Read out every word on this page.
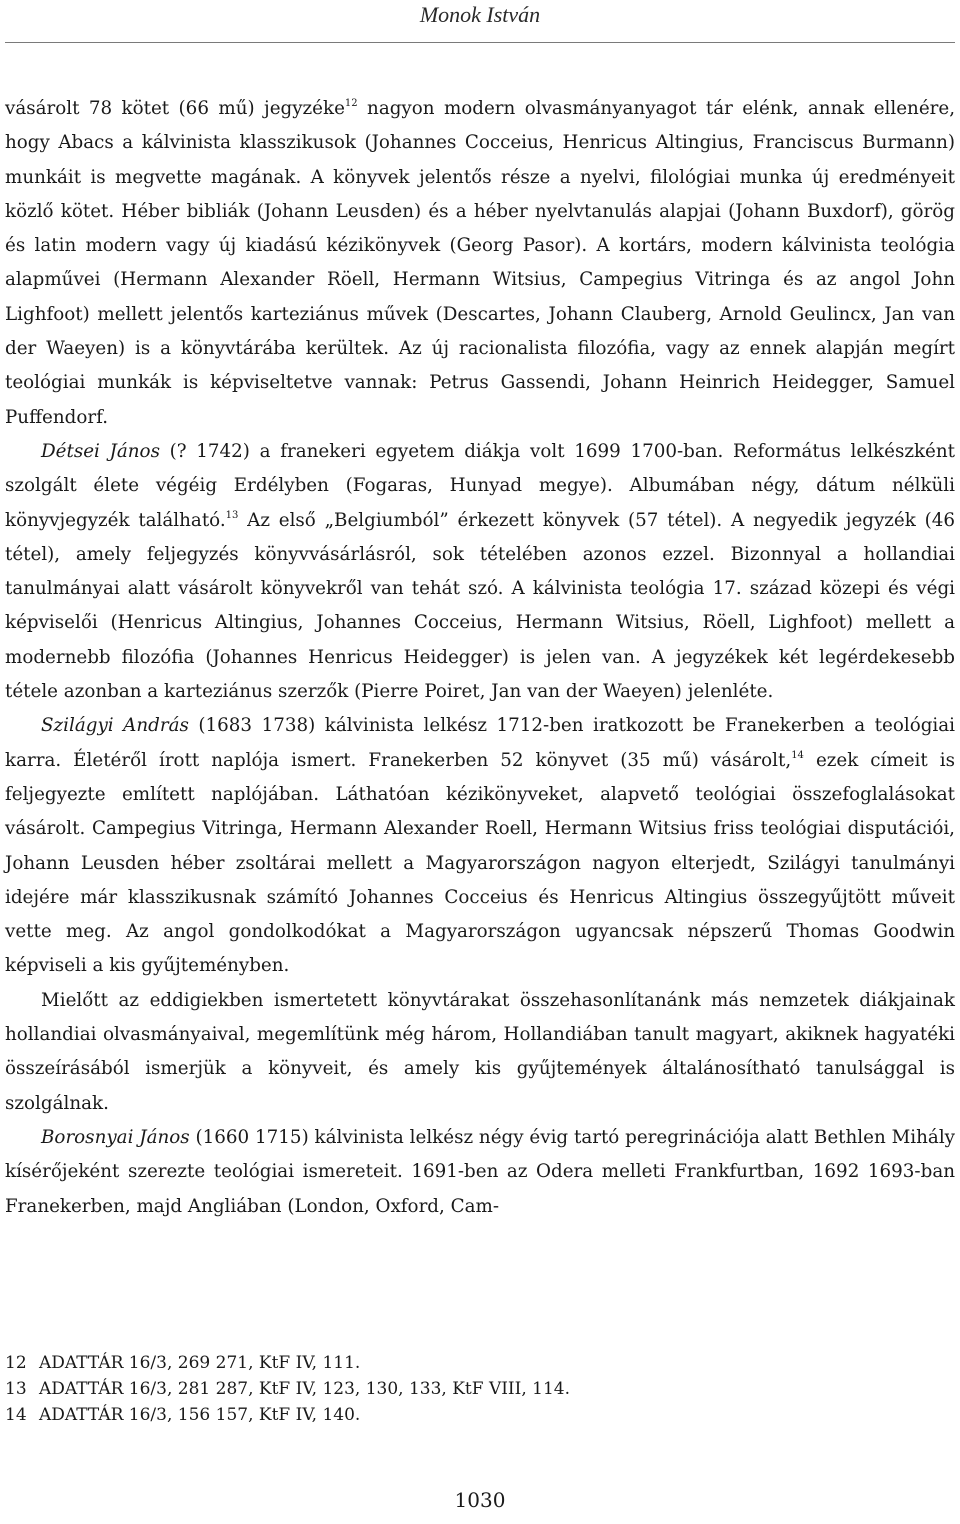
Monok István

vásárolt 78 kötet (66 mű) jegyzéke$^{12}$ nagyon modern olvasmányanyagot tár elénk, annak ellenére, hogy Abacs a kálvinista klasszikusok (Johannes Cocceius, Henricus Altingius, Franciscus Burmann) munkáit is megvette magának. A könyvek jelentős része a nyelvi, filológiai munka új eredményeit közlő kötet. Héber bibliák (Johann Leusden) és a héber nyelvtanulás alapjai (Johann Buxdorf), görög és latin modern vagy új kiadású kézikönyvek (Georg Pasor). A kortárs, modern kálvinista teológia alapművei (Hermann Alexander Röell, Hermann Witsius, Campegius Vitringa és az angol John Lighfoot) mellett jelentős karteziánus művek (Descartes, Johann Clauberg, Arnold Geulincx, Jan van der Waeyen) is a könyvtárába kerültek. Az új racionalista filozófia, vagy az ennek alapján megírt teológiai munkák is képviseltetve vannak: Petrus Gassendi, Johann Heinrich Heidegger, Samuel Puffendorf.

Détsei János (? 1742) a franekeri egyetem diákja volt 1699 1700-ban. Református lelkészként szolgált élete végéig Erdélyben (Fogaras, Hunyad megye). Albumában négy, dátum nélküli könyvjegyzék található.$^{13}$ Az első „Belgiumból” érkezett könyvek (57 tétel). A negyedik jegyzék (46 tétel), amely feljegyzés könyvvásárlásról, sok tételében azonos ezzel. Bizonnyal a hollandiai tanulmányai alatt vásárolt könyvekről van tehát szó. A kálvinista teológia 17. század közepi és végi képviselői (Henricus Altingius, Johannes Cocceius, Hermann Witsius, Röell, Lighfoot) mellett a modernebb filozófia (Johannes Henricus Heidegger) is jelen van. A jegyzékek két legérdekesebb tétele azonban a karteziánus szerzők (Pierre Poiret, Jan van der Waeyen) jelenléte.

Szilágyi András (1683 1738) kálvinista lelkész 1712-ben iratkozott be Franekerben a teológiai karra. Életéről írott naplója ismert. Franekerben 52 könyvet (35 mű) vásárolt,$^{14}$ ezek címeit is feljegyezte említett naplójában. Láthatóan kézikönyveket, alapvető teológiai összefoglalásokat vásárolt. Campegius Vitringa, Hermann Alexander Roell, Hermann Witsius friss teológiai disputációi, Johann Leusden héber zsoltárai mellett a Magyarországon nagyon elterjedt, Szilágyi tanulmányi idejére már klasszikusnak számító Johannes Cocceius és Henricus Altingius összegyűjtött műveit vette meg. Az angol gondolkodókat a Magyarországon ugyancsak népszerű Thomas Goodwin képviseli a kis gyűjteményben.

Mielőtt az eddigiekben ismertetett könyvtárakat összehasonlítanánk más nemzetek diákjainak hollandiai olvasmányaival, megemlítünk még három, Hollandiában tanult magyart, akiknek hagyatéki összeírásából ismerjük a könyveit, és amely kis gyűjtemények általánosítható tanulsággal is szolgálnak.

Borosnyai János (1660 1715) kálvinista lelkész négy évig tartó peregrinációja alatt Bethlen Mihály kísérőjeként szerezte teológiai ismereteit. 1691-ben az Odera melleti Frankfurtban, 1692 1693-ban Franekerben, majd Angliában (London, Oxford, Cam-

12 ADATTÁR 16/3, 269 271, KtF IV, 111.
13 ADATTÁR 16/3, 281 287, KtF IV, 123, 130, 133, KtF VIII, 114.
14 ADATTÁR 16/3, 156 157, KtF IV, 140.
1030
